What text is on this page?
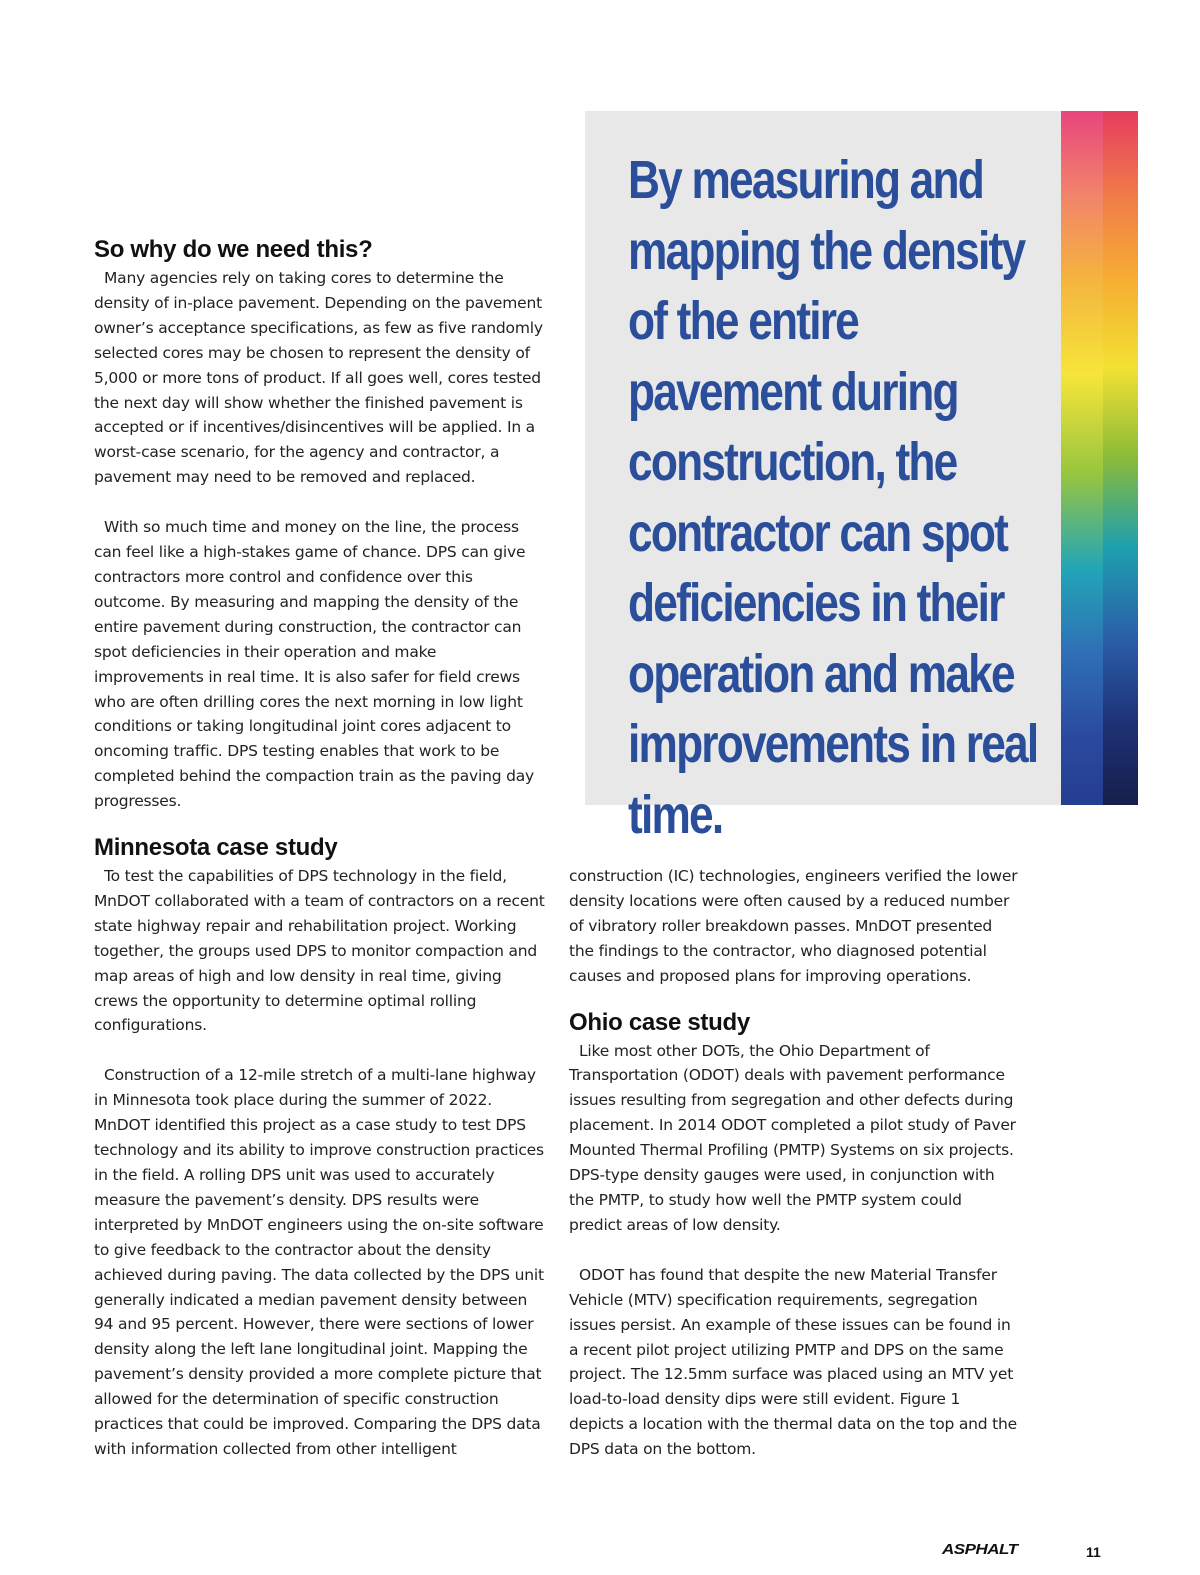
So why do we need this?

Many agencies rely on taking cores to determine the density of in-place pavement. Depending on the pavement owner’s acceptance specifications, as few as five randomly selected cores may be chosen to represent the density of 5,000 or more tons of product. If all goes well, cores tested the next day will show whether the finished pavement is accepted or if incentives/disincentives will be applied. In a worst-case scenario, for the agency and contractor, a pavement may need to be removed and replaced.

With so much time and money on the line, the process can feel like a high-stakes game of chance. DPS can give contractors more control and confidence over this outcome. By measuring and mapping the density of the entire pavement during construction, the contractor can spot deficiencies in their operation and make improvements in real time. It is also safer for field crews who are often drilling cores the next morning in low light conditions or taking longitudinal joint cores adjacent to oncoming traffic. DPS testing enables that work to be completed behind the compaction train as the paving day progresses.

By measuring and mapping the density of the entire pavement during construction, the contractor can spot deficiencies in their operation and make improvements in real time.

Minnesota case study

To test the capabilities of DPS technology in the field, MnDOT collaborated with a team of contractors on a recent state highway repair and rehabilitation project. Working together, the groups used DPS to monitor compaction and map areas of high and low density in real time, giving crews the opportunity to determine optimal rolling configurations.

Construction of a 12-mile stretch of a multi-lane highway in Minnesota took place during the summer of 2022. MnDOT identified this project as a case study to test DPS technology and its ability to improve construction practices in the field. A rolling DPS unit was used to accurately measure the pavement’s density. DPS results were interpreted by MnDOT engineers using the on-site software to give feedback to the contractor about the density achieved during paving. The data collected by the DPS unit generally indicated a median pavement density between 94 and 95 percent. However, there were sections of lower density along the left lane longitudinal joint. Mapping the pavement’s density provided a more complete picture that allowed for the determination of specific construction practices that could be improved. Comparing the DPS data with information collected from other intelligent

construction (IC) technologies, engineers verified the lower density locations were often caused by a reduced number of vibratory roller breakdown passes. MnDOT presented the findings to the contractor, who diagnosed potential causes and proposed plans for improving operations.

Ohio case study

Like most other DOTs, the Ohio Department of Transportation (ODOT) deals with pavement performance issues resulting from segregation and other defects during placement. In 2014 ODOT completed a pilot study of Paver Mounted Thermal Profiling (PMTP) Systems on six projects. DPS-type density gauges were used, in conjunction with the PMTP, to study how well the PMTP system could predict areas of low density.

ODOT has found that despite the new Material Transfer Vehicle (MTV) specification requirements, segregation issues persist. An example of these issues can be found in a recent pilot project utilizing PMTP and DPS on the same project. The 12.5mm surface was placed using an MTV yet load-to-load density dips were still evident. Figure 1 depicts a location with the thermal data on the top and the DPS data on the bottom.

ASPHALT	11
